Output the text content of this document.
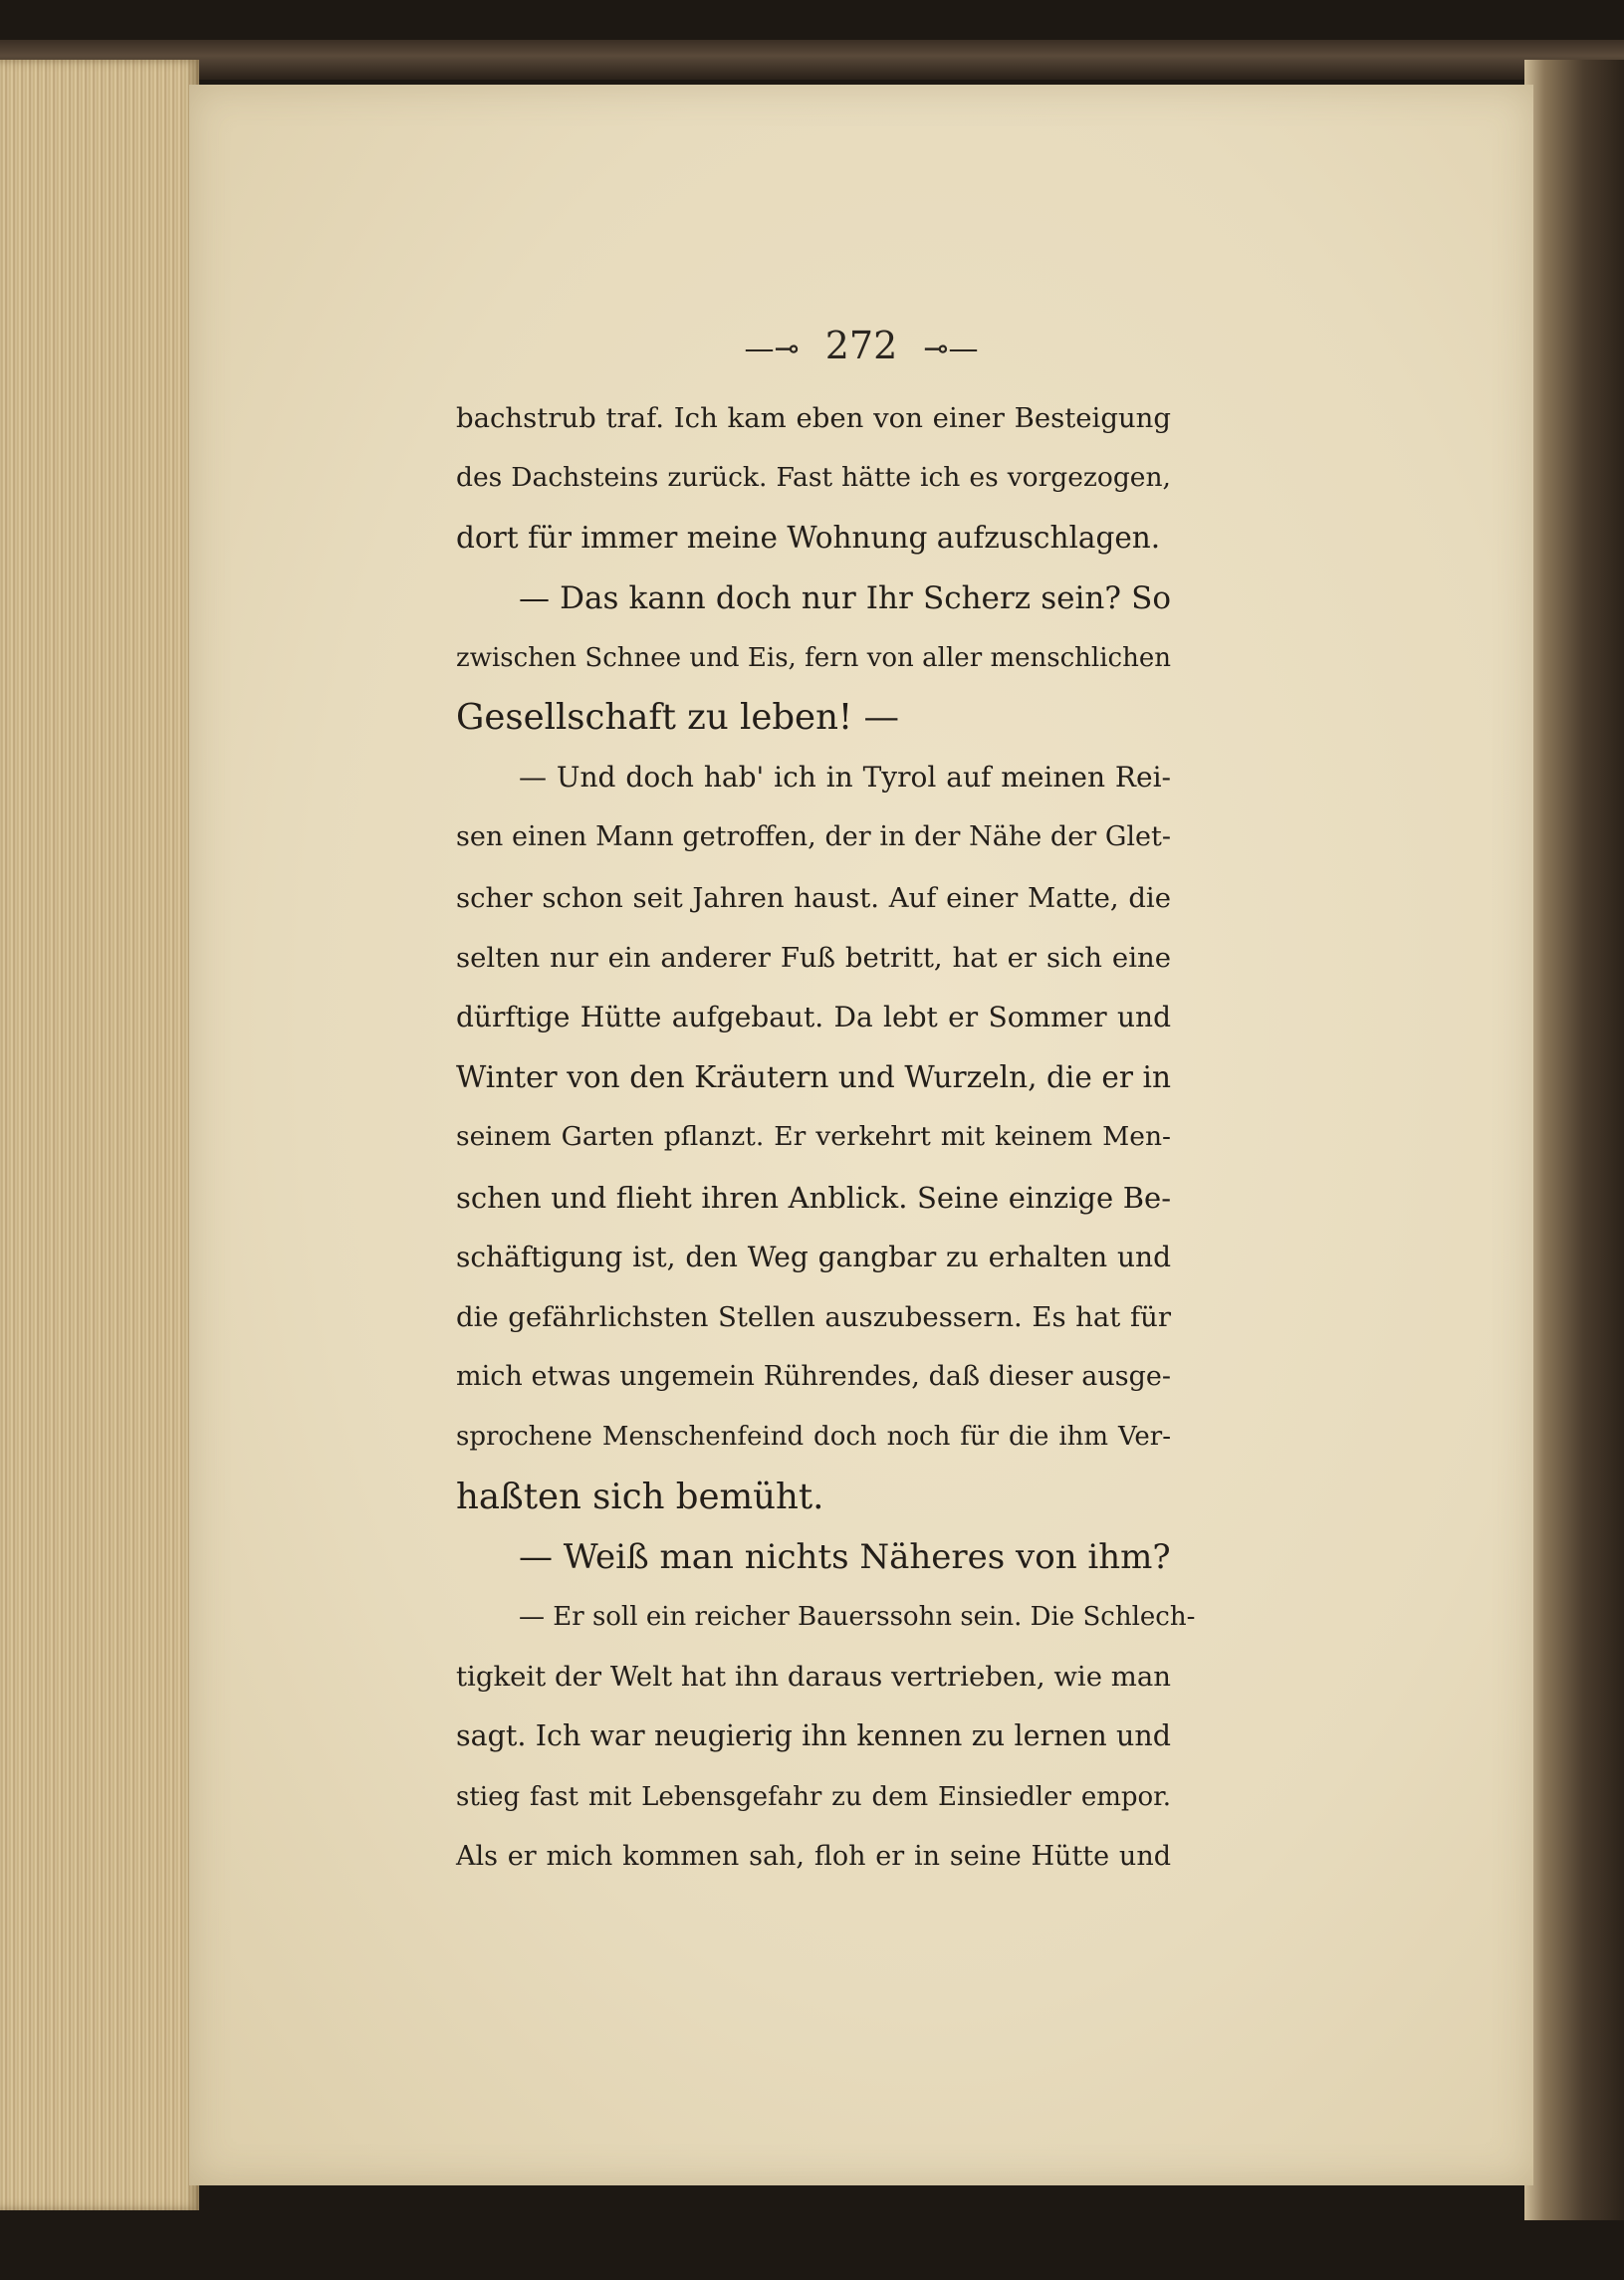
—⊸ 272 ⊸—
bachstrub traf. Ich kam eben von einer Besteigung
des Dachsteins zurück. Fast hätte ich es vorgezogen,
dort für immer meine Wohnung aufzuschlagen.
— Das kann doch nur Ihr Scherz sein? So
zwischen Schnee und Eis, fern von aller menschlichen
Gesellschaft zu leben! —
— Und doch hab' ich in Tyrol auf meinen Rei-
sen einen Mann getroffen, der in der Nähe der Glet-
scher schon seit Jahren haust. Auf einer Matte, die
selten nur ein anderer Fuß betritt, hat er sich eine
dürftige Hütte aufgebaut. Da lebt er Sommer und
Winter von den Kräutern und Wurzeln, die er in
seinem Garten pflanzt. Er verkehrt mit keinem Men-
schen und flieht ihren Anblick. Seine einzige Be-
schäftigung ist, den Weg gangbar zu erhalten und
die gefährlichsten Stellen auszubessern. Es hat für
mich etwas ungemein Rührendes, daß dieser ausge-
sprochene Menschenfeind doch noch für die ihm Ver-
haßten sich bemüht.
— Weiß man nichts Näheres von ihm?
— Er soll ein reicher Bauerssohn sein. Die Schlech-
tigkeit der Welt hat ihn daraus vertrieben, wie man
sagt. Ich war neugierig ihn kennen zu lernen und
stieg fast mit Lebensgefahr zu dem Einsiedler empor.
Als er mich kommen sah, floh er in seine Hütte und
